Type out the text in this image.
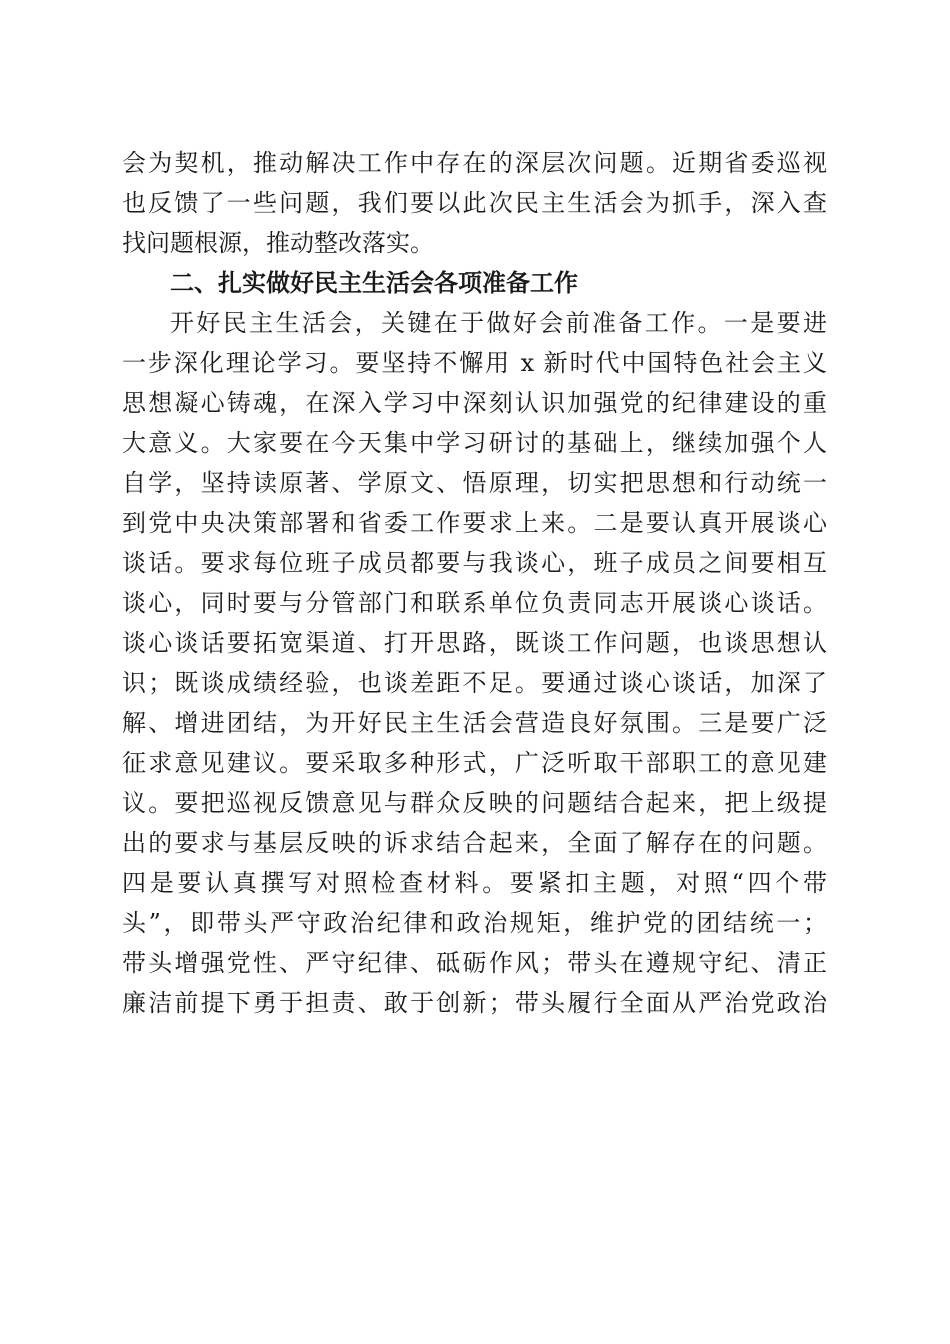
会为契机，推动解决工作中存在的深层次问题。近期省委巡视
也反馈了一些问题，我们要以此次民主生活会为抓手，深入查
找问题根源，推动整改落实。
二、扎实做好民主生活会各项准备工作
开好民主生活会，关键在于做好会前准备工作。一是要进
一步深化理论学习。要坚持不懈用 x 新时代中国特色社会主义
思想凝心铸魂，在深入学习中深刻认识加强党的纪律建设的重
大意义。大家要在今天集中学习研讨的基础上，继续加强个人
自学，坚持读原著、学原文、悟原理，切实把思想和行动统一
到党中央决策部署和省委工作要求上来。二是要认真开展谈心
谈话。要求每位班子成员都要与我谈心，班子成员之间要相互
谈心，同时要与分管部门和联系单位负责同志开展谈心谈话。
谈心谈话要拓宽渠道、打开思路，既谈工作问题，也谈思想认
识；既谈成绩经验，也谈差距不足。要通过谈心谈话，加深了
解、增进团结，为开好民主生活会营造良好氛围。三是要广泛
征求意见建议。要采取多种形式，广泛听取干部职工的意见建
议。要把巡视反馈意见与群众反映的问题结合起来，把上级提
出的要求与基层反映的诉求结合起来，全面了解存在的问题。
四是要认真撰写对照检查材料。要紧扣主题，对照“四个带
头”，即带头严守政治纪律和政治规矩，维护党的团结统一；
带头增强党性、严守纪律、砥砺作风；带头在遵规守纪、清正
廉洁前提下勇于担责、敢于创新；带头履行全面从严治党政治
